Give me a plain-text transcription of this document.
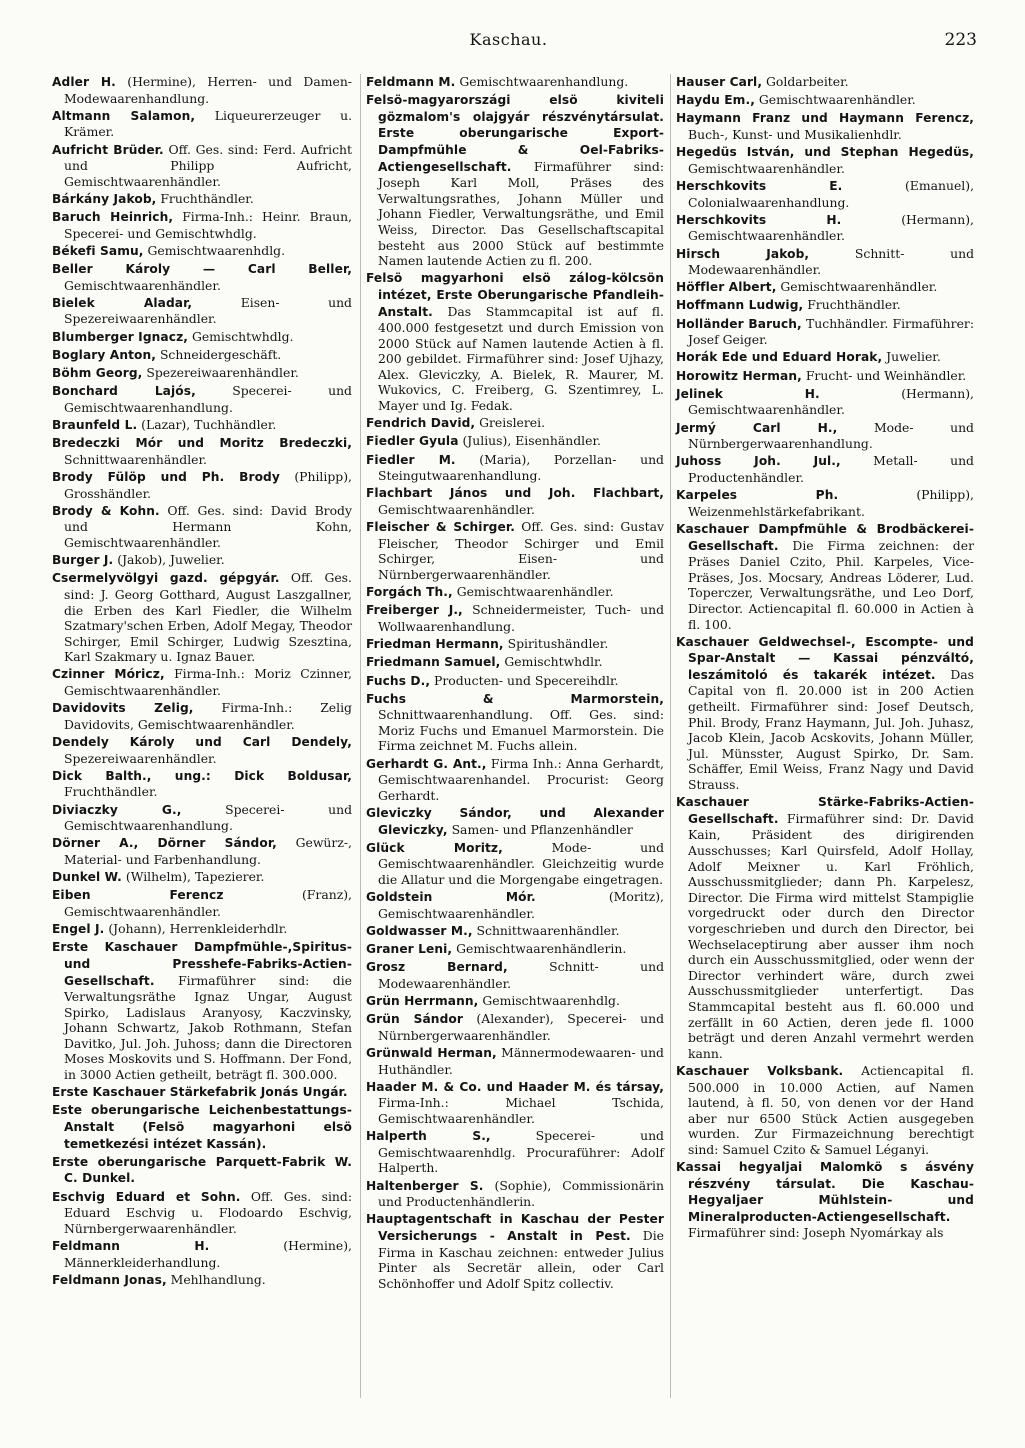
Kaschau.	223

Adler H. (Hermine), Herren- und Damen-Modewaarenhandlung.

Altmann Salamon, Liqueurerzeuger u. Krämer.

Aufricht Brüder. Off. Ges. sind: Ferd. Aufricht und Philipp Aufricht, Gemischtwaarenhändler.

Bárkány Jakob, Fruchthändler.

Baruch Heinrich, Firma-Inh.: Heinr. Braun, Specerei- und Gemischtwhdlg.

Békefi Samu, Gemischtwaarenhdlg.

Beller Károly — Carl Beller, Gemischtwaarenhändler.

Bielek Aladar, Eisen- und Spezereiwaarenhändler.

Blumberger Ignacz, Gemischtwhdlg.

Boglary Anton, Schneidergeschäft.

Böhm Georg, Spezereiwaarenhändler.

Bonchard Lajós, Specerei- und Gemischtwaarenhandlung.

Braunfeld L. (Lazar), Tuchhändler.

Bredeczki Mór und Moritz Bredeczki, Schnittwaarenhändler.

Brody Fülöp und Ph. Brody (Philipp), Grosshändler.

Brody & Kohn. Off. Ges. sind: David Brody und Hermann Kohn, Gemischtwaarenhändler.

Burger J. (Jakob), Juwelier.

Csermelyvölgyi gazd. gépgyár. Off. Ges. sind: J. Georg Gotthard, August Laszgallner, die Erben des Karl Fiedler, die Wilhelm Szatmary'schen Erben, Adolf Megay, Theodor Schirger, Emil Schirger, Ludwig Szesztina, Karl Szakmary u. Ignaz Bauer.

Czinner Móricz, Firma-Inh.: Moriz Czinner, Gemischtwaarenhändler.

Davidovits Zelig, Firma-Inh.: Zelig Davidovits, Gemischtwaarenhändler.

Dendely Károly und Carl Dendely, Spezereiwaarenhändler.

Dick Balth., ung.: Dick Boldusar, Fruchthändler.

Diviaczky G., Specerei- und Gemischtwaarenhandlung.

Dörner A., Dörner Sándor, Gewürz-, Material- und Farbenhandlung.

Dunkel W. (Wilhelm), Tapezierer.

Eiben Ferencz (Franz), Gemischtwaarenhändler.

Engel J. (Johann), Herrenkleiderhdlr.

Erste Kaschauer Dampfmühle-,Spiritus- und Presshefe-Fabriks-Actien-Gesellschaft. Firmaführer sind: die Verwaltungsräthe Ignaz Ungar, August Spirko, Ladislaus Aranyosy, Kaczvinsky, Johann Schwartz, Jakob Rothmann, Stefan Davitko, Jul. Joh. Juhoss; dann die Directoren Moses Moskovits und S. Hoffmann. Der Fond, in 3000 Actien getheilt, beträgt fl. 300.000.

Erste Kaschauer Stärkefabrik Jonás Ungár.

Este oberungarische Leichenbestattungs-Anstalt (Felsö magyarhoni elsö temetkezési intézet Kassán).

Erste oberungarische Parquett-Fabrik W. C. Dunkel.

Eschvig Eduard et Sohn. Off. Ges. sind: Eduard Eschvig u. Flodoardo Eschvig, Nürnbergerwaarenhändler.

Feldmann H. (Hermine), Männerkleiderhandlung.

Feldmann Jonas, Mehlhandlung.

Feldmann M. Gemischtwaarenhandlung.

Felsö-magyarországi elsö kiviteli gözmalom's olajgyár részvénytársulat. Erste oberungarische Export-Dampfmühle & Oel-Fabriks-Actiengesellschaft. Firmaführer sind: Joseph Karl Moll, Präses des Verwaltungsrathes, Johann Müller und Johann Fiedler, Verwaltungsräthe, und Emil Weiss, Director. Das Gesellschaftscapital besteht aus 2000 Stück auf bestimmte Namen lautende Actien zu fl. 200.

Felsö magyarhoni elsö zálog-kölcsön intézet, Erste Oberungarische Pfandleih-Anstalt. Das Stammcapital ist auf fl. 400.000 festgesetzt und durch Emission von 2000 Stück auf Namen lautende Actien à fl. 200 gebildet. Firmaführer sind: Josef Ujhazy, Alex. Gleviczky, A. Bielek, R. Maurer, M. Wukovics, C. Freiberg, G. Szentimrey, L. Mayer und Ig. Fedak.

Fendrich David, Greislerei.

Fiedler Gyula (Julius), Eisenhändler.

Fiedler M. (Maria), Porzellan- und Steingutwaarenhandlung.

Flachbart János und Joh. Flachbart, Gemischtwaarenhändler.

Fleischer & Schirger. Off. Ges. sind: Gustav Fleischer, Theodor Schirger und Emil Schirger, Eisen- und Nürnbergerwaarenhändler.

Forgách Th., Gemischtwaarenhändler.

Freiberger J., Schneidermeister, Tuch- und Wollwaarenhandlung.

Friedman Hermann, Spiritushändler.

Friedmann Samuel, Gemischtwhdlr.

Fuchs D., Producten- und Specereihdlr.

Fuchs & Marmorstein, Schnittwaarenhandlung. Off. Ges. sind: Moriz Fuchs und Emanuel Marmorstein. Die Firma zeichnet M. Fuchs allein.

Gerhardt G. Ant., Firma Inh.: Anna Gerhardt, Gemischtwaarenhandel. Procurist: Georg Gerhardt.

Gleviczky Sándor, und Alexander Gleviczky, Samen- und Pflanzenhändler

Glück Moritz, Mode- und Gemischtwaarenhändler. Gleichzeitig wurde die Allatur und die Morgengabe eingetragen.

Goldstein Mór. (Moritz), Gemischtwaarenhändler.

Goldwasser M., Schnittwaarenhändler.

Graner Leni, Gemischtwaarenhändlerin.

Grosz Bernard, Schnitt- und Modewaarenhändler.

Grün Herrmann, Gemischtwaarenhdlg.

Grün Sándor (Alexander), Specerei- und Nürnbergerwaarenhändler.

Grünwald Herman, Männermodewaaren- und Huthändler.

Haader M. & Co. und Haader M. és társay, Firma-Inh.: Michael Tschida, Gemischtwaarenhändler.

Halperth S., Specerei- und Gemischtwaarenhdlg. Procuraführer: Adolf Halperth.

Haltenberger S. (Sophie), Commissionärin und Productenhändlerin.

Hauptagentschaft in Kaschau der Pester Versicherungs - Anstalt in Pest. Die Firma in Kaschau zeichnen: entweder Julius Pinter als Secretär allein, oder Carl Schönhoffer und Adolf Spitz collectiv.

Hauser Carl, Goldarbeiter.

Haydu Em., Gemischtwaarenhändler.

Haymann Franz und Haymann Ferencz, Buch-, Kunst- und Musikalienhdlr.

Hegedüs István, und Stephan Hegedüs, Gemischtwaarenhändler.

Herschkovits E. (Emanuel), Colonialwaarenhandlung.

Herschkovits H. (Hermann), Gemischtwaarenhändler.

Hirsch Jakob, Schnitt- und Modewaarenhändler.

Höffler Albert, Gemischtwaarenhändler.

Hoffmann Ludwig, Fruchthändler.

Holländer Baruch, Tuchhändler. Firmaführer: Josef Geiger.

Horák Ede und Eduard Horak, Juwelier.

Horowitz Herman, Frucht- und Weinhändler.

Jelinek H. (Hermann), Gemischtwaarenhändler.

Jermý Carl H., Mode- und Nürnbergerwaarenhandlung.

Juhoss Joh. Jul., Metall- und Productenhändler.

Karpeles Ph. (Philipp), Weizenmehlstärkefabrikant.

Kaschauer Dampfmühle & Brodbäckerei-Gesellschaft. Die Firma zeichnen: der Präses Daniel Czito, Phil. Karpeles, Vice-Präses, Jos. Mocsary, Andreas Löderer, Lud. Toperczer, Verwaltungsräthe, und Leo Dorf, Director. Actiencapital fl. 60.000 in Actien à fl. 100.

Kaschauer Geldwechsel-, Escompte- und Spar-Anstalt — Kassai pénzváltó, leszámitoló és takarék intézet. Das Capital von fl. 20.000 ist in 200 Actien getheilt. Firmaführer sind: Josef Deutsch, Phil. Brody, Franz Haymann, Jul. Joh. Juhasz, Jacob Klein, Jacob Acskovits, Johann Müller, Jul. Münsster, August Spirko, Dr. Sam. Schäffer, Emil Weiss, Franz Nagy und David Strauss.

Kaschauer Stärke-Fabriks-Actien-Gesellschaft. Firmaführer sind: Dr. David Kain, Präsident des dirigirenden Ausschusses; Karl Quirsfeld, Adolf Hollay, Adolf Meixner u. Karl Fröhlich, Ausschussmitglieder; dann Ph. Karpelesz, Director. Die Firma wird mittelst Stampiglie vorgedruckt oder durch den Director vorgeschrieben und durch den Director, bei Wechselaceptirung aber ausser ihm noch durch ein Ausschussmitglied, oder wenn der Director verhindert wäre, durch zwei Ausschussmitglieder unterfertigt. Das Stammcapital besteht aus fl. 60.000 und zerfällt in 60 Actien, deren jede fl. 1000 beträgt und deren Anzahl vermehrt werden kann.

Kaschauer Volksbank. Actiencapital fl. 500.000 in 10.000 Actien, auf Namen lautend, à fl. 50, von denen vor der Hand aber nur 6500 Stück Actien ausgegeben wurden. Zur Firmazeichnung berechtigt sind: Samuel Czito & Samuel Léganyi.

Kassai hegyaljai Malomkö s ásvény részvény társulat. Die Kaschau-Hegyaljaer Mühlstein- und Mineralproducten-Actiengesellschaft. Firmaführer sind: Joseph Nyomárkay als
